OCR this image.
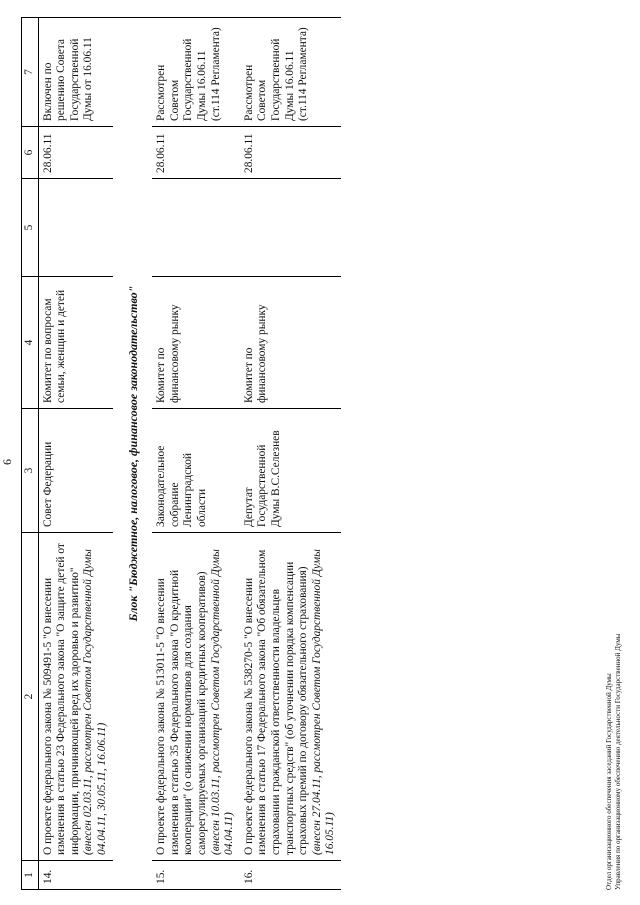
6
1	2	3	4	5	6	7
14.	О проекте федерального закона № 509491-5 "О внесении изменения в статью 23 Федерального закона "О защите детей от информации, причиняющей вред их здоровью и развитию" (внесен 02.03.11, рассмотрен Советом Государственной Думы 04.04.11, 30.05.11, 16.06.11)	Совет Федерации	Комитет по вопросам семьи, женщин и детей		28.06.11	Включен по решению Совета Государственной Думы от 16.06.11
Блок "Бюджетное, налоговое, финансовое законодательство"						
15.	О проекте федерального закона № 513011-5 "О внесении изменения в статью 35 Федерального закона "О кредитной кооперации" (о снижении нормативов для создания саморегулируемых организаций кредитных кооперативов) (внесен 10.03.11, рассмотрен Советом Государственной Думы 04.04.11)	Законодательное собрание Ленинградской области	Комитет по финансовому рынку		28.06.11	Рассмотрен Советом Государственной Думы 16.06.11 (ст.114 Регламента)
16.	О проекте федерального закона № 538270-5 "О внесении изменения в статью 17 Федерального закона "Об обязательном страховании гражданской ответственности владельцев транспортных средств" (об уточнении порядка компенсации страховых премий по договору обязательного страхования) (внесен 27.04.11, рассмотрен Советом Государственной Думы 16.05.11)	Депутат Государственной Думы В.С.Селезнев	Комитет по финансовому рынку		28.06.11	Рассмотрен Советом Государственной Думы 16.06.11 (ст.114 Регламента)
Отдел организационного обеспечения заседаний Государственной Думы Управления по организационному обеспечению деятельности Государственной Думы
